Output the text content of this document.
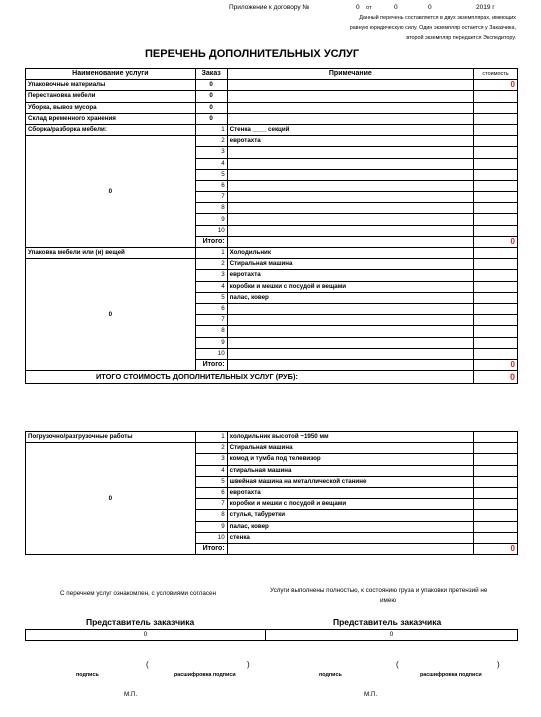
Приложение к договору №	0 от	0	0	2019 г
Данный перечень составляется в двух экземплярах, имеющих
равную юридическую силу. Один экземпляр остается у Заказчика,
второй экземпляр передается Экспедитору.
ПЕРЕЧЕНЬ ДОПОЛНИТЕЛЬНЫХ УСЛУГ
Наименование услуги	Заказ	Примечание	стоимость
Упаковочные материалы	0		0
Перестановка мебели	0		
Уборка, вывоз мусора	0		
Склад временного хранения	0		
Сборка/разборка мебели:	1	Стенка ____ секций	
0	2	евротахта	
	3		
	4		
	5		
	6		
	7		
	8		
	9		
	10		
	Итого:		0
Упаковка мебели или (и) вещей	1	Холодильник	
0	2	Стиральная машина	
	3	евротахта	
	4	коробки и мешки с посудой и вещами	
	5	палас, ковер	
	6		
	7		
	8		
	9		
	10		
	Итого:		0
ИТОГО СТОИМОСТЬ ДОПОЛНИТЕЛЬНЫХ УСЛУГ (РУБ):			0
Погрузочно/разгрузочные работы	1	холодильник высотой ~1950 мм	
0	2	Стиральная машина	
	3	комод и тумба под телевизор	
	4	стиральная машина	
	5	швейная машина на металлической станине	
	6	евротахта	
	7	коробки и мешки с посудой и вещами	
	8	стулья, табуретки	
	9	палас, ковер	
	10	стенка	
	Итого:		0
С перечнем услуг ознакомлен, с условиями согласен	Услуги выполнены полностью, к состоянию груза и упаковки претензий не
имею
Представитель заказчика	Представитель заказчика
0	0
(	)	(	)
подпись	расшифровка подписи	подпись	расшифровка подписи
М.П.	М.П.
